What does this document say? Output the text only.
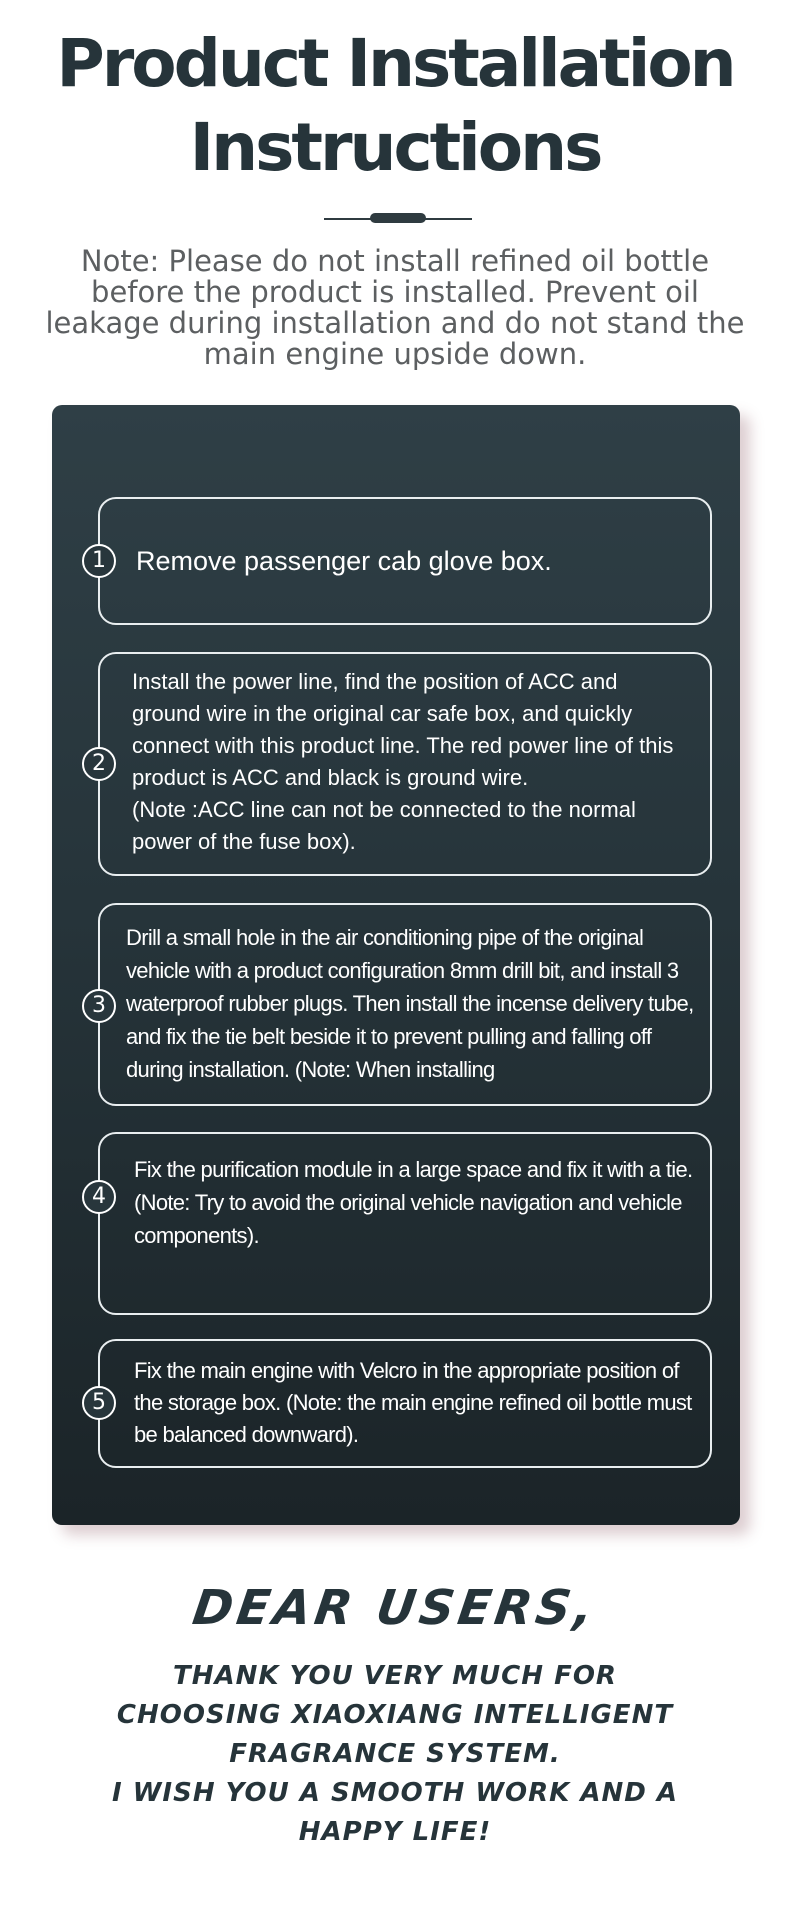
Product Installation
Instructions
Note: Please do not install refined oil bottle before the product is installed. Prevent oil leakage during installation and do not stand the main engine upside down.
1	Remove passenger cab glove box.
2
Install the power line, find the position of ACC and ground wire in the original car safe box, and quickly connect with this product line. The red power line of this product is ACC and black is ground wire.
(Note :ACC line can not be connected to the normal power of the fuse box).
3
Drill a small hole in the air conditioning pipe of the original vehicle with a product configuration 8mm drill bit, and install 3 waterproof rubber plugs. Then install the incense delivery tube, and fix the tie belt beside it to prevent pulling and falling off during installation. (Note: When installing
4
Fix the purification module in a large space and fix it with a tie.
(Note: Try to avoid the original vehicle navigation and vehicle components).
5
Fix the main engine with Velcro in the appropriate position of the storage box. (Note: the main engine refined oil bottle must be balanced downward).
DEAR USERS,
THANK YOU VERY MUCH FOR CHOOSING XIAOXIANG INTELLIGENT FRAGRANCE SYSTEM.
I WISH YOU A SMOOTH WORK AND A HAPPY LIFE!
